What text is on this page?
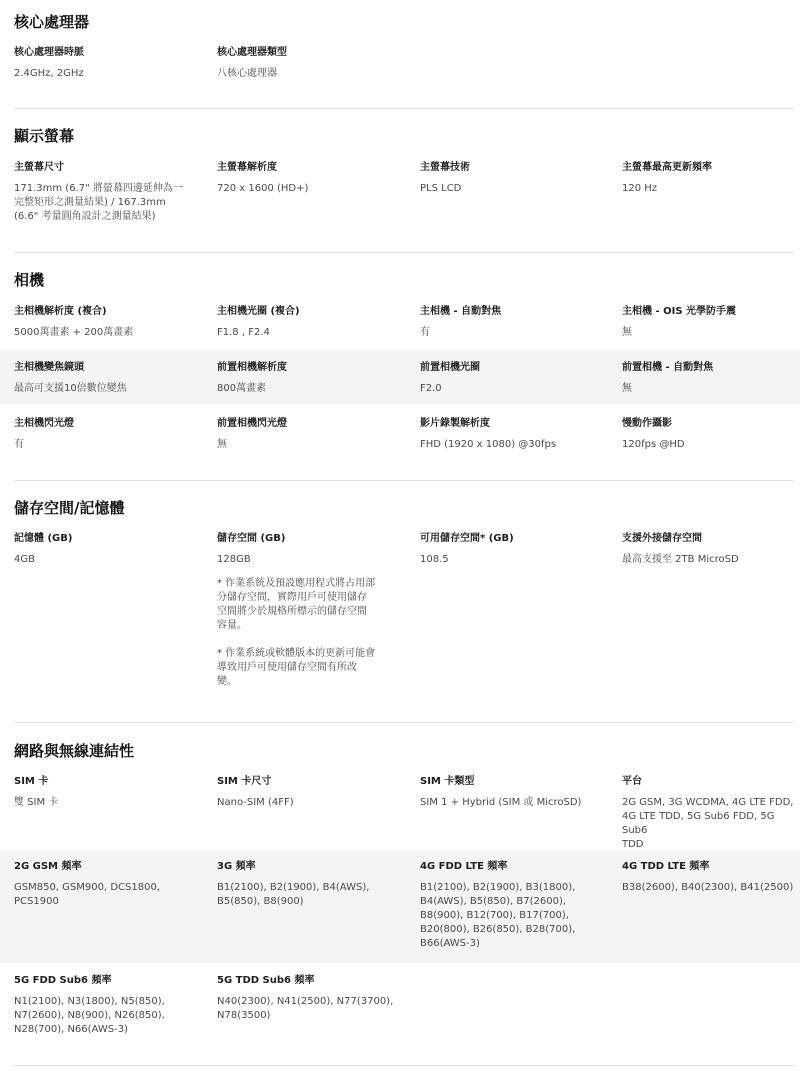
核心處理器
核心處理器時脈
2.4GHz, 2GHz
核心處理器類型
八核心處理器
顯示螢幕
主螢幕尺寸
171.3mm (6.7" 將螢幕四邊延伸為一
完整矩形之測量結果) / 167.3mm
(6.6" 考量圓角設計之測量結果)
主螢幕解析度
720 x 1600 (HD+)
主螢幕技術
PLS LCD
主螢幕最高更新頻率
120 Hz
相機
主相機解析度 (複合)
5000萬畫素 + 200萬畫素
主相機光圈 (複合)
F1.8 , F2.4
主相機 - 自動對焦
有
主相機 - OIS 光學防手震
無
主相機變焦鏡頭
最高可支援10倍數位變焦
前置相機解析度
800萬畫素
前置相機光圈
F2.0
前置相機 - 自動對焦
無
主相機閃光燈
有
前置相機閃光燈
無
影片錄製解析度
FHD (1920 x 1080) @30fps
慢動作攝影
120fps @HD
儲存空間/記憶體
記憶體 (GB)
4GB
儲存空間 (GB)
128GB
* 作業系統及預設應用程式將占用部
分儲存空間，實際用戶可使用儲存
空間將少於規格所標示的儲存空間
容量。
* 作業系統或軟體版本的更新可能會
導致用戶可使用儲存空間有所改
變。
可用儲存空間* (GB)
108.5
支援外接儲存空間
最高支援至 2TB MicroSD
網路與無線連結性
SIM 卡
雙 SIM 卡
SIM 卡尺寸
Nano-SIM (4FF)
SIM 卡類型
SIM 1 + Hybrid (SIM 或 MicroSD)
平台
2G GSM, 3G WCDMA, 4G LTE FDD,
4G LTE TDD, 5G Sub6 FDD, 5G Sub6
TDD
2G GSM 頻率
GSM850, GSM900, DCS1800,
PCS1900
3G 頻率
B1(2100), B2(1900), B4(AWS),
B5(850), B8(900)
4G FDD LTE 頻率
B1(2100), B2(1900), B3(1800),
B4(AWS), B5(850), B7(2600),
B8(900), B12(700), B17(700),
B20(800), B26(850), B28(700),
B66(AWS-3)
4G TDD LTE 頻率
B38(2600), B40(2300), B41(2500)
5G FDD Sub6 頻率
N1(2100), N3(1800), N5(850),
N7(2600), N8(900), N26(850),
N28(700), N66(AWS-3)
5G TDD Sub6 頻率
N40(2300), N41(2500), N77(3700),
N78(3500)
